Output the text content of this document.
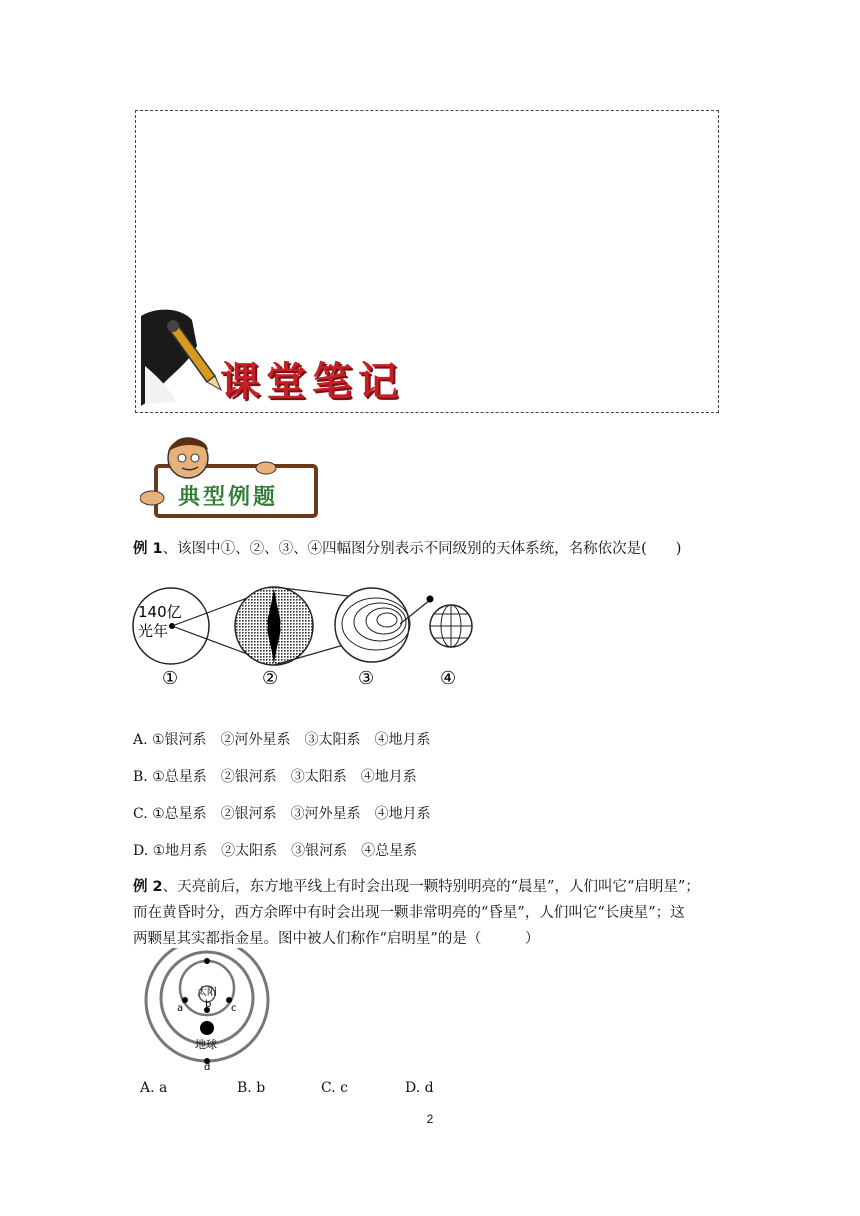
课堂笔记
典型例题
例 1、该图中①、②、③、④四幅图分别表示不同级别的天体系统，名称依次是(　　)
140亿
光年
①	②	③	④
A. ①银河系　②河外星系　③太阳系　④地月系
B. ①总星系　②银河系　③太阳系　④地月系
C. ①总星系　②银河系　③河外星系　④地月系
D. ①地月系　②太阳系　③银河系　④总星系
例 2、天亮前后，东方地平线上有时会出现一颗特别明亮的“晨星”，人们叫它“启明星”；
而在黄昏时分，西方余晖中有时会出现一颗非常明亮的“昏星”，人们叫它“长庚星”；这
两颗星其实都指金星。图中被人们称作“启明星”的是（　　　）
太阳
a b c
地球
d
A. a	B. b	C. c	D. d
2
